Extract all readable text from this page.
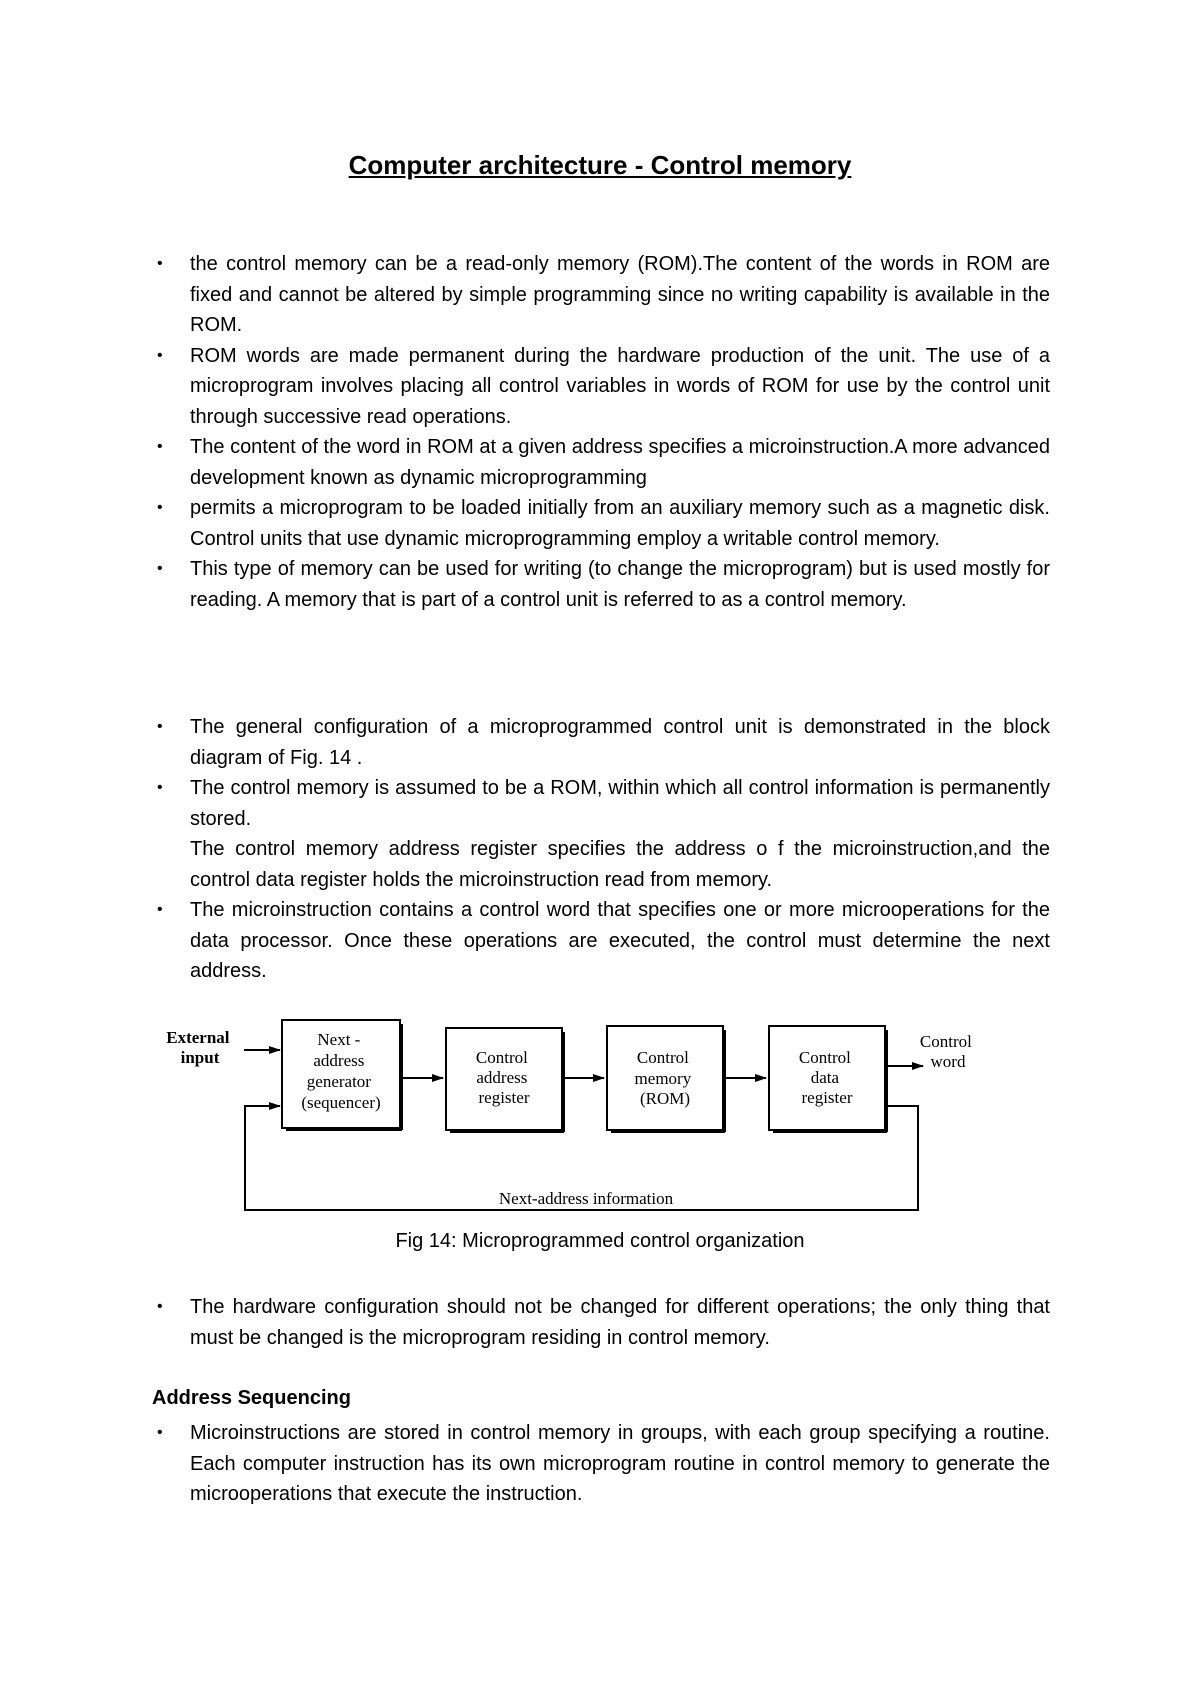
Computer architecture - Control memory
• the control memory can be a read-only memory (ROM).The content of the words in ROM are fixed and cannot be altered by simple programming since no writing capability is available in the ROM.
• ROM words are made permanent during the hardware production of the unit. The use of a microprogram involves placing all control variables in words of ROM for use by the control unit through successive read operations.
• The content of the word in ROM at a given address specifies a microinstruction.A more advanced development known as dynamic microprogramming
• permits a microprogram to be loaded initially from an auxiliary memory such as a magnetic disk. Control units that use dynamic microprogramming employ a writable control memory.
• This type of memory can be used for writing (to change the microprogram) but is used mostly for reading. A memory that is part of a control unit is referred to as a control memory.
• The general configuration of a microprogrammed control unit is demonstrated in the block diagram of Fig. 14 .
• The control memory is assumed to be a ROM, within which all control information is permanently stored.
The control memory address register specifies the address o f the microinstruction,and the control data register holds the microinstruction read from memory.
• The microinstruction contains a control word that specifies one or more microoperations for the data processor. Once these operations are executed, the control must determine the next address.
External input
Next - address generator (sequencer)
Control address register
Control memory (ROM)
Control data register
Control word
Next-address information
Fig 14: Microprogrammed control organization
• The hardware configuration should not be changed for different operations; the only thing that must be changed is the microprogram residing in control memory.
Address Sequencing
• Microinstructions are stored in control memory in groups, with each group specifying a routine. Each computer instruction has its own microprogram routine in control memory to generate the microoperations that execute the instruction.
